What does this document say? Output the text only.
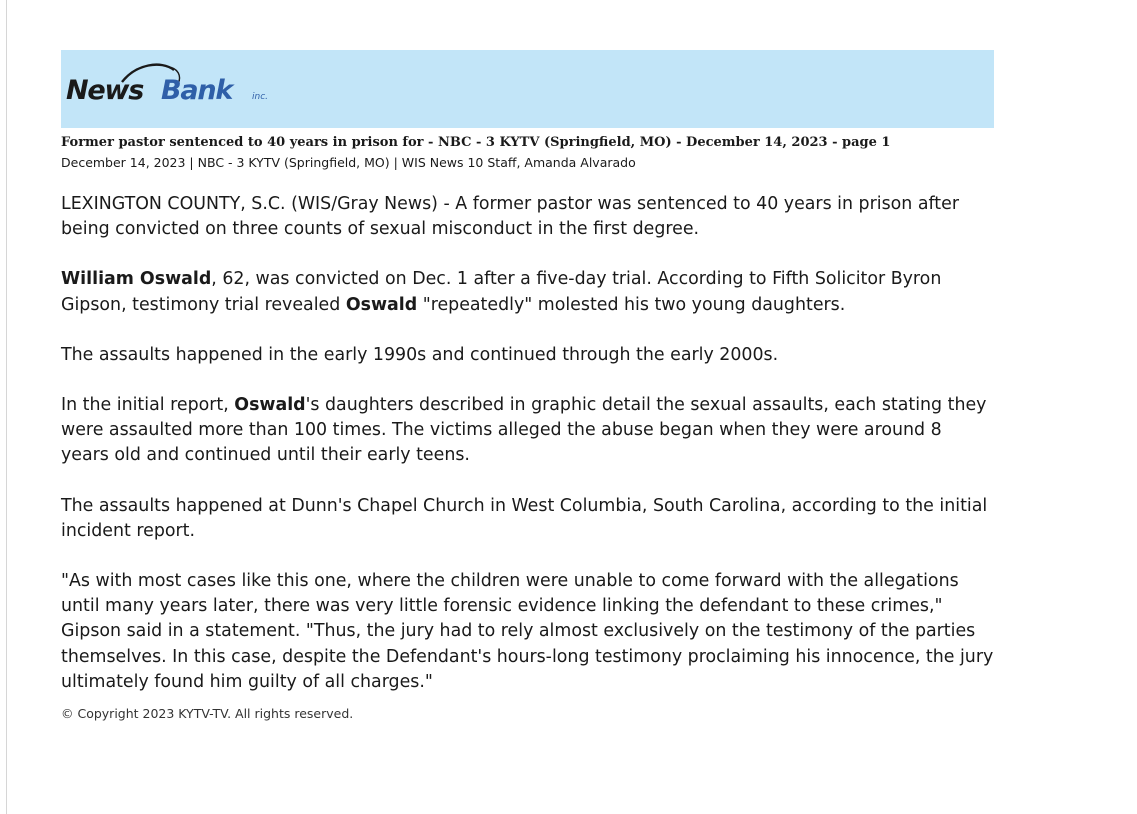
News Bank	inc.
Former pastor sentenced to 40 years in prison for - NBC - 3 KYTV (Springfield, MO) - December 14, 2023 - page 1
December 14, 2023 | NBC - 3 KYTV (Springfield, MO) | WIS News 10 Staff, Amanda Alvarado

LEXINGTON COUNTY, S.C. (WIS/Gray News) - A former pastor was sentenced to 40 years in prison after being convicted on three counts of sexual misconduct in the first degree.

William Oswald, 62, was convicted on Dec. 1 after a five-day trial. According to Fifth Solicitor Byron Gipson, testimony trial revealed Oswald "repeatedly" molested his two young daughters.

The assaults happened in the early 1990s and continued through the early 2000s.

In the initial report, Oswald's daughters described in graphic detail the sexual assaults, each stating they were assaulted more than 100 times. The victims alleged the abuse began when they were around 8 years old and continued until their early teens.

The assaults happened at Dunn's Chapel Church in West Columbia, South Carolina, according to the initial incident report.

"As with most cases like this one, where the children were unable to come forward with the allegations until many years later, there was very little forensic evidence linking the defendant to these crimes," Gipson said in a statement. "Thus, the jury had to rely almost exclusively on the testimony of the parties themselves. In this case, despite the Defendant's hours-long testimony proclaiming his innocence, the jury ultimately found him guilty of all charges."

© Copyright 2023 KYTV-TV. All rights reserved.
